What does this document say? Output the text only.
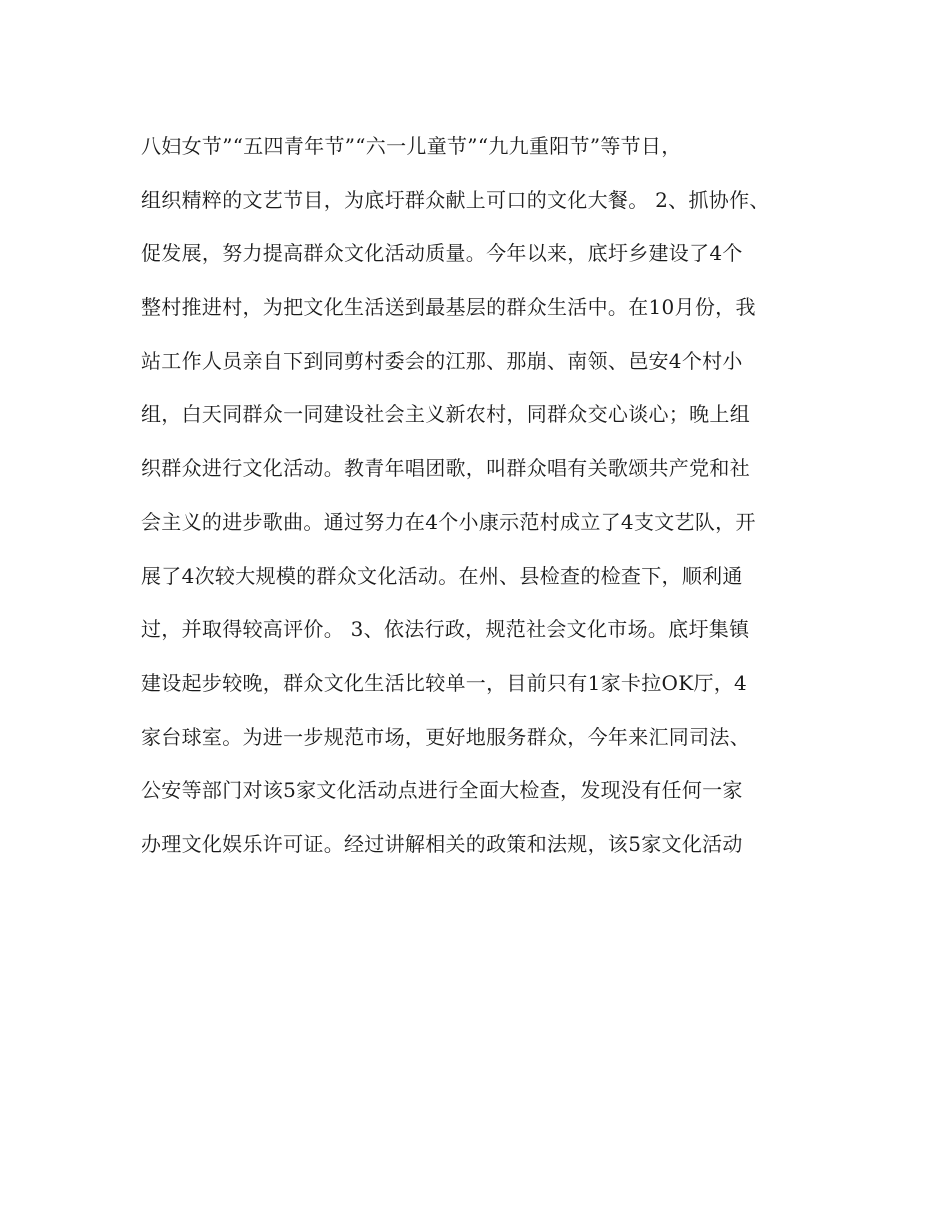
八妇女节”“五四青年节”“六一儿童节”“九九重阳节”等节日，
组织精粹的文艺节目，为底圩群众献上可口的文化大餐。 2、抓协作、
促发展，努力提高群众文化活动质量。今年以来，底圩乡建设了4个
整村推进村，为把文化生活送到最基层的群众生活中。在10月份，我
站工作人员亲自下到同剪村委会的江那、那崩、南领、邑安4个村小
组，白天同群众一同建设社会主义新农村，同群众交心谈心；晚上组
织群众进行文化活动。教青年唱团歌，叫群众唱有关歌颂共产党和社
会主义的进步歌曲。通过努力在4个小康示范村成立了4支文艺队，开
展了4次较大规模的群众文化活动。在州、县检查的检查下，顺利通
过，并取得较高评价。 3、依法行政，规范社会文化市场。底圩集镇
建设起步较晚，群众文化生活比较单一，目前只有1家卡拉OK厅，4
家台球室。为进一步规范市场，更好地服务群众，今年来汇同司法、
公安等部门对该5家文化活动点进行全面大检查，发现没有任何一家
办理文化娱乐许可证。经过讲解相关的政策和法规，该5家文化活动
